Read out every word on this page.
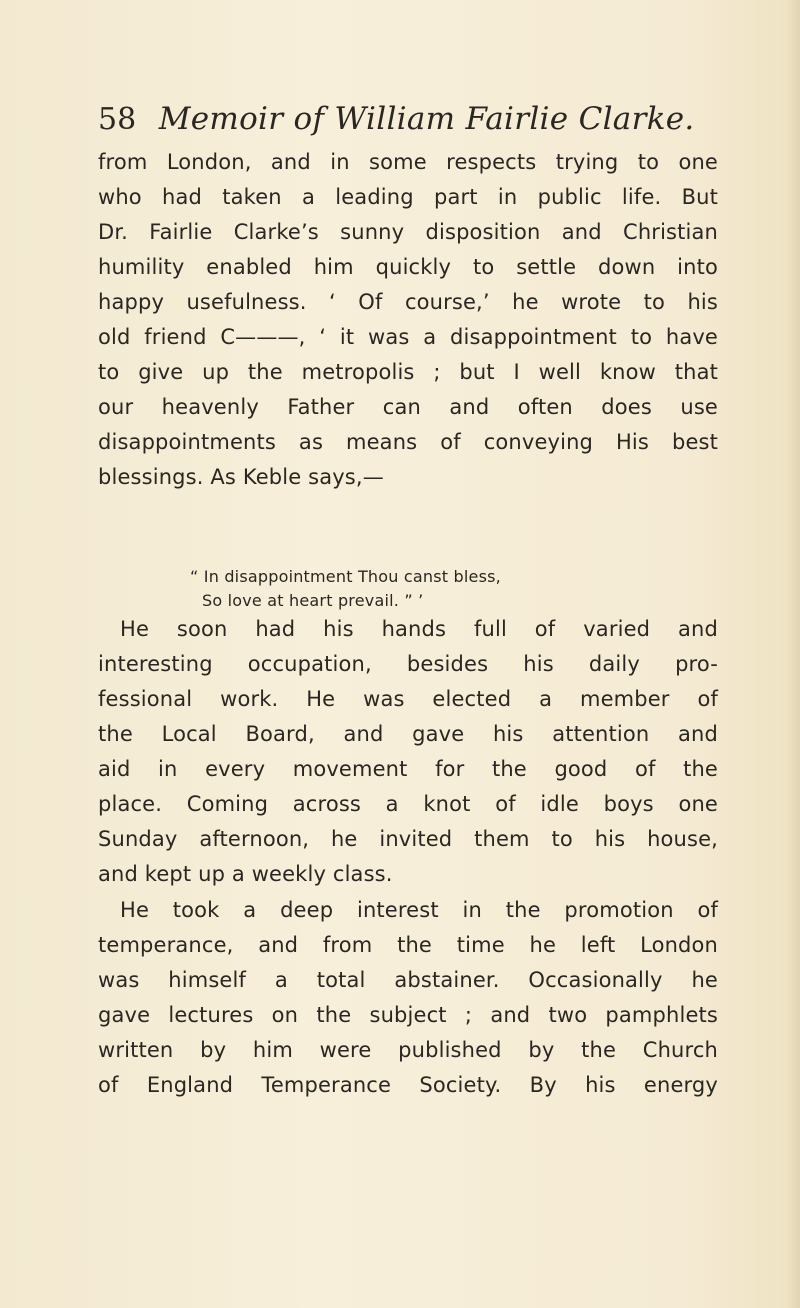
58 Memoir of William Fairlie Clarke.
from London, and in some respects trying to one
who had taken a leading part in public life. But
Dr. Fairlie Clarke’s sunny disposition and Christian
humility enabled him quickly to settle down into
happy usefulness. ‘ Of course,’ he wrote to his
old friend C———, ‘ it was a disappointment to have
to give up the metropolis ; but I well know that
our heavenly Father can and often does use
disappointments as means of conveying His best
blessings. As Keble says,—
“ In disappointment Thou canst bless,
So love at heart prevail. ” ’
He soon had his hands full of varied and
interesting occupation, besides his daily pro-
fessional work. He was elected a member of
the Local Board, and gave his attention and
aid in every movement for the good of the
place. Coming across a knot of idle boys one
Sunday afternoon, he invited them to his house,
and kept up a weekly class.
He took a deep interest in the promotion of
temperance, and from the time he left London
was himself a total abstainer. Occasionally he
gave lectures on the subject ; and two pamphlets
written by him were published by the Church
of England Temperance Society. By his energy
